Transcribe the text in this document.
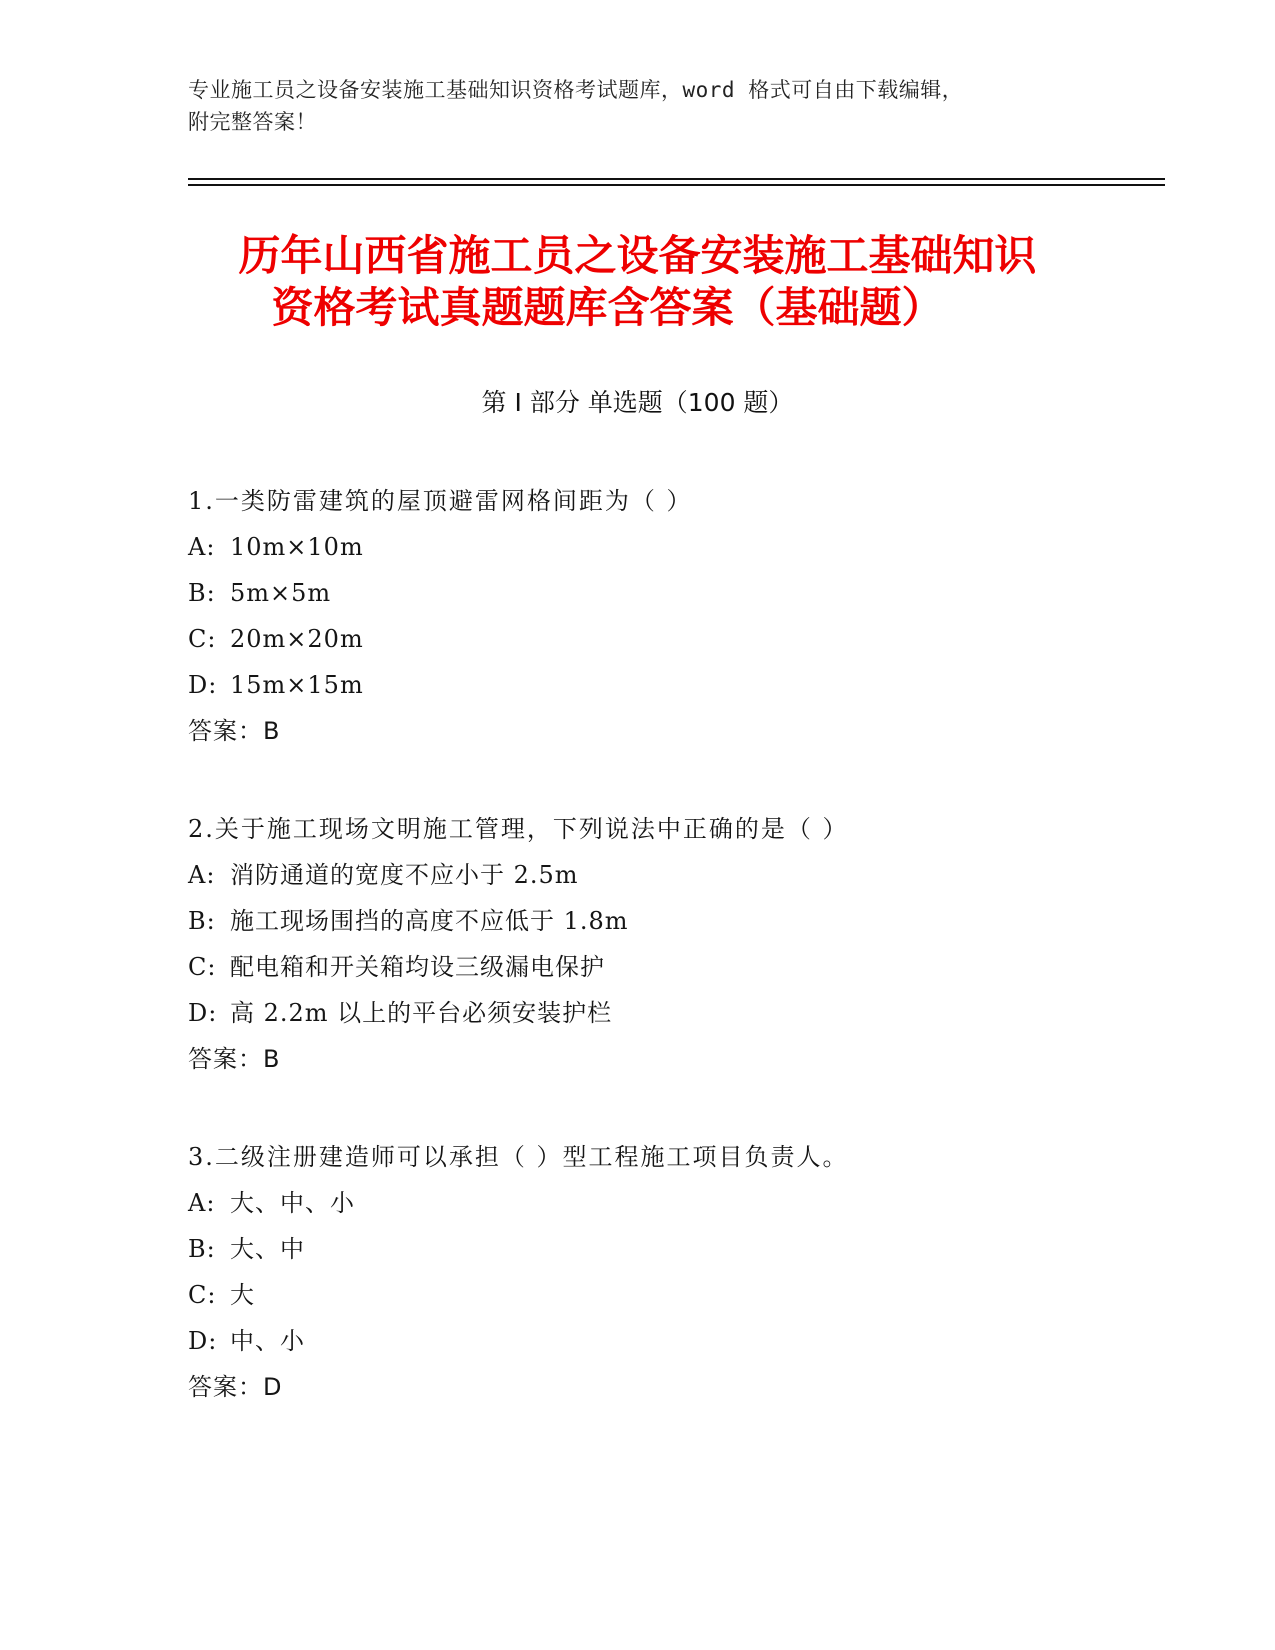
专业施工员之设备安装施工基础知识资格考试题库，word 格式可自由下载编辑，
附完整答案！
历年山西省施工员之设备安装施工基础知识
资格考试真题题库含答案（基础题）
第 I 部分 单选题（100 题）
1.一类防雷建筑的屋顶避雷网格间距为（ ）
A: 10m×10m
B: 5m×5m
C: 20m×20m
D: 15m×15m
答案：B
2.关于施工现场文明施工管理，下列说法中正确的是（ ）
A: 消防通道的宽度不应小于 2.5m
B: 施工现场围挡的高度不应低于 1.8m
C: 配电箱和开关箱均设三级漏电保护
D: 高 2.2m 以上的平台必须安装护栏
答案：B
3.二级注册建造师可以承担（ ）型工程施工项目负责人。
A: 大、中、小
B: 大、中
C: 大
D: 中、小
答案：D
